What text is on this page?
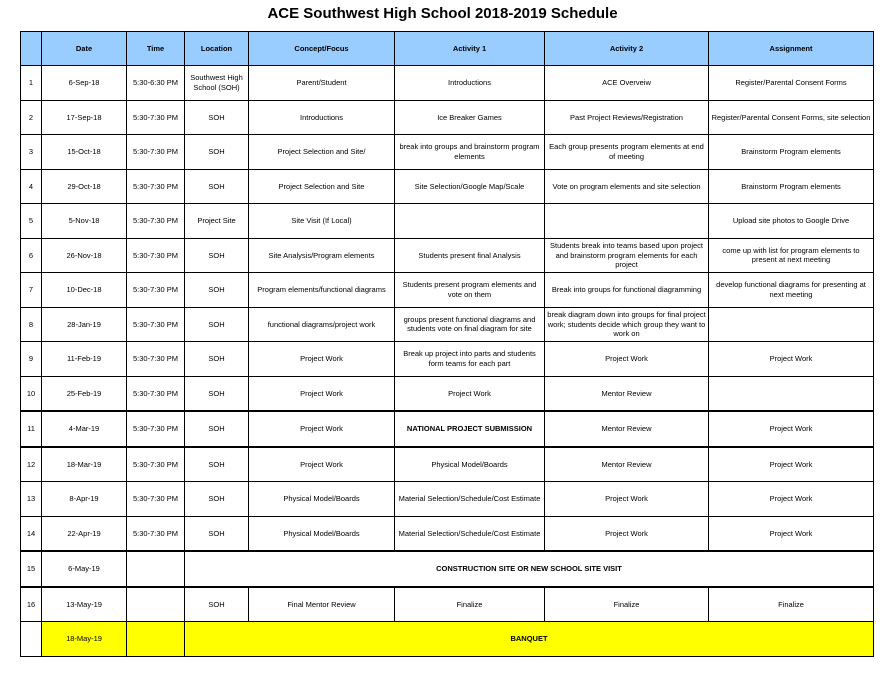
ACE Southwest High School 2018-2019 Schedule
	Date	Time	Location	Concept/Focus	Activity 1	Activity 2	Assignment
1	6-Sep-18	5:30-6:30 PM	Southwest High School (SOH)	Parent/Student	Introductions	ACE Overveiw	Register/Parental Consent Forms
2	17-Sep-18	5:30-7:30 PM	SOH	Introductions	Ice Breaker Games	Past Project Reviews/Registration	Register/Parental Consent Forms, site selection
3	15-Oct-18	5:30-7:30 PM	SOH	Project Selection and Site/	break into groups and brainstorm program elements	Each group presents program elements at end of meeting	Brainstorm Program elements
4	29-Oct-18	5:30-7:30 PM	SOH	Project Selection and Site	Site Selection/Google Map/Scale	Vote on program elements and site selection	Brainstorm Program elements
5	5-Nov-18	5:30-7:30 PM	Project Site	Site Visit (If Local)			Upload site photos to Google Drive
6	26-Nov-18	5:30-7:30 PM	SOH	Site Analysis/Program elements	Students present final Analysis	Students break into teams based upon project and brainstorm program elements for each project	come up with list for program elements to present at next meeting
7	10-Dec-18	5:30-7:30 PM	SOH	Program elements/functional diagrams	Students present program elements and vote on them	Break into groups for functional diagramming	develop functional diagrams for presenting at next meeting
8	28-Jan-19	5:30-7:30 PM	SOH	functional diagrams/project work	groups present functional diagrams and students vote on final diagram for site	break diagram down into groups for final project work; students decide which group they want to work on	
9	11-Feb-19	5:30-7:30 PM	SOH	Project Work	Break up project into parts and students form teams for each part	Project Work	Project Work
10	25-Feb-19	5:30-7:30 PM	SOH	Project Work	Project Work	Mentor Review	
11	4-Mar-19	5:30-7:30 PM	SOH	Project Work	NATIONAL PROJECT SUBMISSION	Mentor Review	Project Work
12	18-Mar-19	5:30-7:30 PM	SOH	Project Work	Physical Model/Boards	Mentor Review	Project Work
13	8-Apr-19	5:30-7:30 PM	SOH	Physical Model/Boards	Material Selection/Schedule/Cost Estimate	Project Work	Project Work
14	22-Apr-19	5:30-7:30 PM	SOH	Physical Model/Boards	Material Selection/Schedule/Cost Estimate	Project Work	Project Work
15	6-May-19		CONSTRUCTION SITE OR NEW SCHOOL SITE VISIT				
16	13-May-19		SOH	Final Mentor Review	Finalize	Finalize	Finalize
	18-May-19		BANQUET				
